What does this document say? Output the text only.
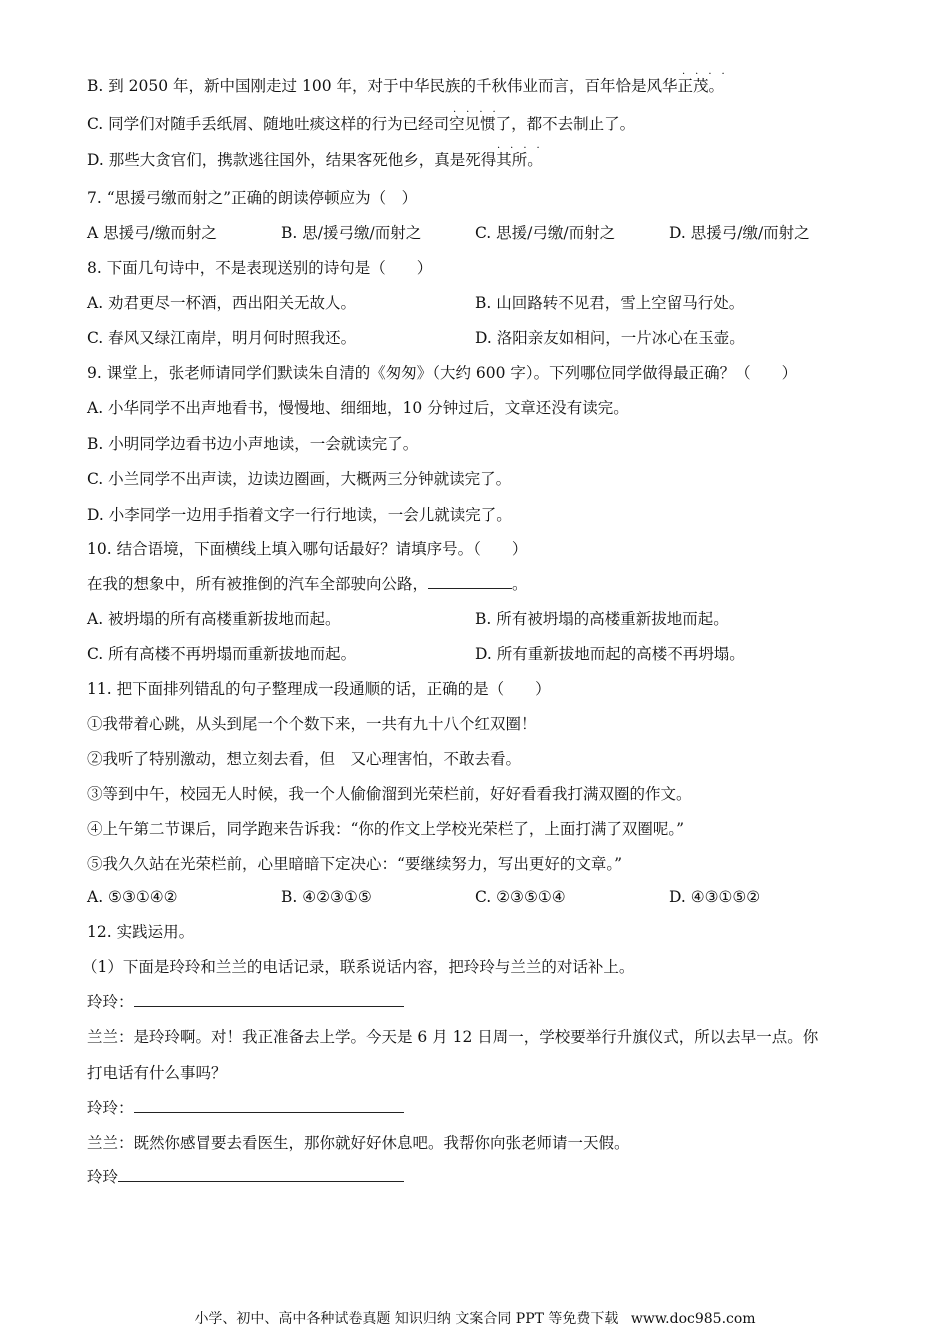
B. 到 2050 年，新中国刚走过 100 年，对于中华民族的千秋伟业而言，百年恰是风华正茂。
····
C. 同学们对随手丢纸屑、随地吐痰这样的行为已经司空见惯了，都不去制止了。
····
D. 那些大贪官们，携款逃往国外，结果客死他乡，真是死得其所。
····
7. “思援弓缴而射之”正确的朗读停顿应为（　）
A 思援弓/缴而射之	B. 思/援弓缴/而射之	C. 思援/弓缴/而射之	D. 思援弓/缴/而射之
8. 下面几句诗中，不是表现送别的诗句是（　　）
A. 劝君更尽一杯酒，西出阳关无故人。	B. 山回路转不见君，雪上空留马行处。
C. 春风又绿江南岸，明月何时照我还。	D. 洛阳亲友如相问，一片冰心在玉壶。
9. 课堂上，张老师请同学们默读朱自清的《匆匆》（大约 600 字）。下列哪位同学做得最正确？（　　）
A. 小华同学不出声地看书，慢慢地、细细地，10 分钟过后，文章还没有读完。
B. 小明同学边看书边小声地读，一会就读完了。
C. 小兰同学不出声读，边读边圈画，大概两三分钟就读完了。
D. 小李同学一边用手指着文字一行行地读，一会儿就读完了。
10. 结合语境，下面横线上填入哪句话最好？请填序号。（　　）
在我的想象中，所有被推倒的汽车全部驶向公路，	。
A. 被坍塌的所有高楼重新拔地而起。	B. 所有被坍塌的高楼重新拔地而起。
C. 所有高楼不再坍塌而重新拔地而起。	D. 所有重新拔地而起的高楼不再坍塌。
11. 把下面排列错乱的句子整理成一段通顺的话，正确的是（　　）
①我带着心跳，从头到尾一个个数下来，一共有九十八个红双圈！
②我听了特别激动，想立刻去看，但　又心理害怕，不敢去看。
③等到中午，校园无人时候，我一个人偷偷溜到光荣栏前，好好看看我打满双圈的作文。
④上午第二节课后，同学跑来告诉我：“你的作文上学校光荣栏了，上面打满了双圈呢。”
⑤我久久站在光荣栏前，心里暗暗下定决心：“要继续努力，写出更好的文章。”
A. ⑤③①④②	B. ④②③①⑤	C. ②③⑤①④	D. ④③①⑤②
12. 实践运用。
（1）下面是玲玲和兰兰的电话记录，联系说话内容，把玲玲与兰兰的对话补上。
玲玲：
兰兰：是玲玲啊。对！我正准备去上学。今天是 6 月 12 日周一，学校要举行升旗仪式，所以去早一点。你
打电话有什么事吗？
玲玲：
兰兰：既然你感冒要去看医生，那你就好好休息吧。我帮你向张老师请一天假。
玲玲
小学、初中、高中各种试卷真题 知识归纳 文案合同 PPT 等免费下载 www.doc985.com
